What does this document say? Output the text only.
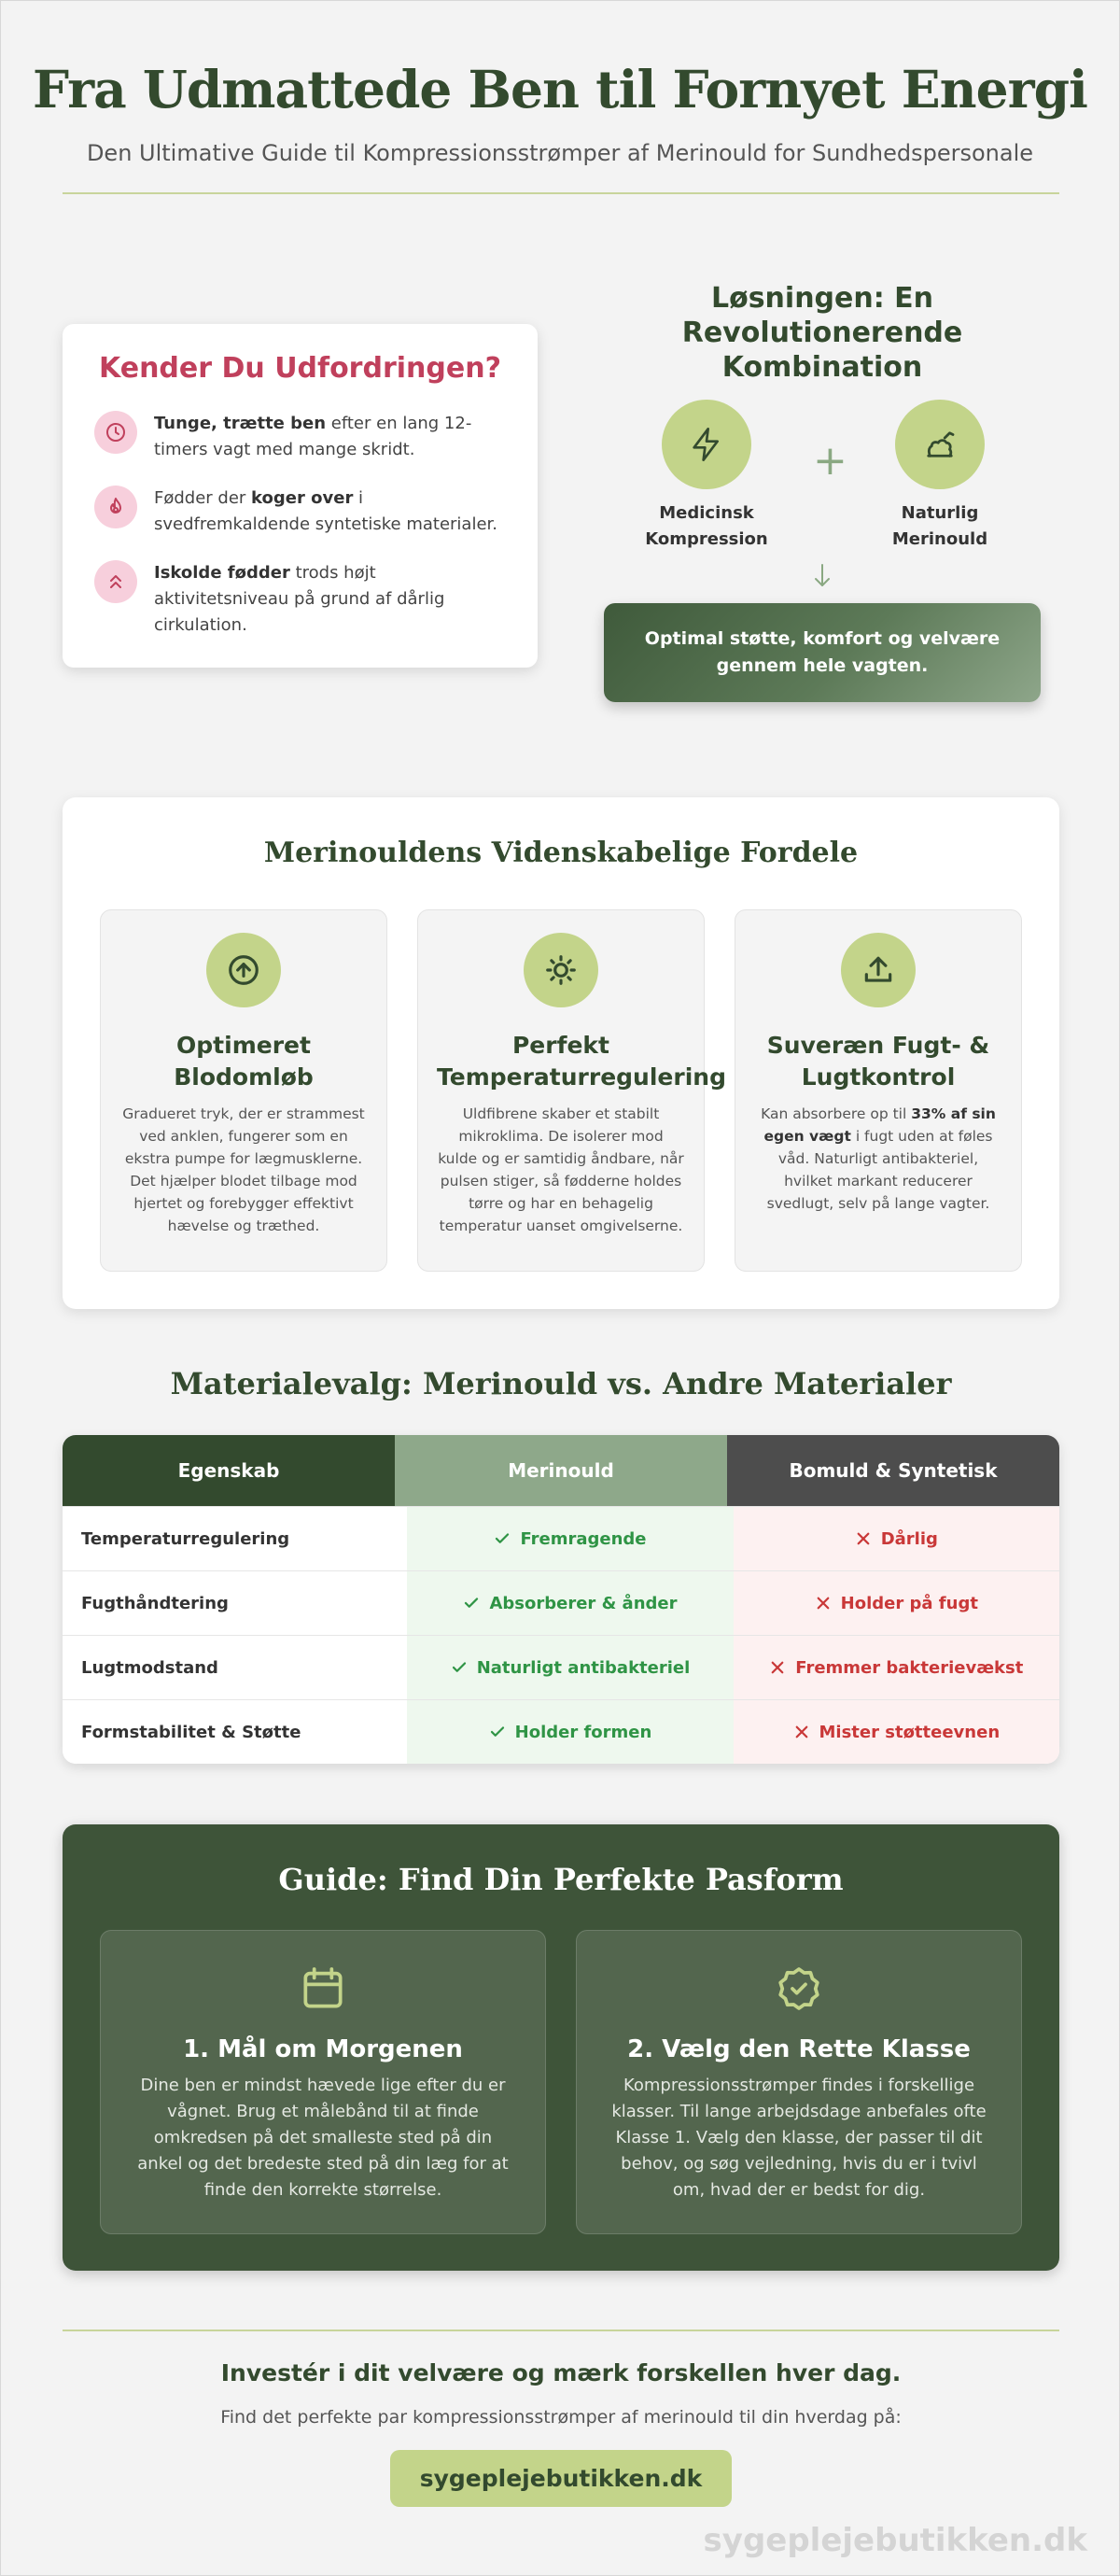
Fra Udmattede Ben til Fornyet Energi

Den Ultimative Guide til Kompressionsstrømper af Merinould for Sundhedspersonale

Kender Du Udfordringen?
Tunge, trætte ben efter en lang 12-timers vagt med mange skridt.
Fødder der koger over i svedfremkaldende syntetiske materialer.
Iskolde fødder trods højt aktivitetsniveau på grund af dårlig cirkulation.
Løsningen: En Revolutionerende Kombination
Medicinsk Kompression
+
Naturlig Merinould
Optimal støtte, komfort og velvære gennem hele vagten.
Merinouldens Videnskabelige Fordele
Optimeret Blodomløb

Gradueret tryk, der er strammest ved anklen, fungerer som en ekstra pumpe for lægmusklerne. Det hjælper blodet tilbage mod hjertet og forebygger effektivt hævelse og træthed.

Perfekt Temperaturregulering

Uldfibrene skaber et stabilt mikroklima. De isolerer mod kulde og er samtidig åndbare, når pulsen stiger, så fødderne holdes tørre og har en behagelig temperatur uanset omgivelserne.

Suveræn Fugt- & Lugtkontrol

Kan absorbere op til 33% af sin egen vægt i fugt uden at føles våd. Naturligt antibakteriel, hvilket markant reducerer svedlugt, selv på lange vagter.

Materialevalg: Merinould vs. Andre Materialer
Egenskab	Merinould	Bomuld & Syntetisk
Temperaturregulering	Fremragende	Dårlig
Fugthåndtering	Absorberer & ånder	Holder på fugt
Lugtmodstand	Naturligt antibakteriel	Fremmer bakterievækst
Formstabilitet & Støtte	Holder formen	Mister støtteevnen
Guide: Find Din Perfekte Pasform
1. Mål om Morgenen

Dine ben er mindst hævede lige efter du er vågnet. Brug et målebånd til at finde omkredsen på det smalleste sted på din ankel og det bredeste sted på din læg for at finde den korrekte størrelse.

2. Vælg den Rette Klasse

Kompressionsstrømper findes i forskellige klasser. Til lange arbejdsdage anbefales ofte Klasse 1. Vælg den klasse, der passer til dit behov, og søg vejledning, hvis du er i tvivl om, hvad der er bedst for dig.

Investér i dit velvære og mærk forskellen hver dag.

Find det perfekte par kompressionsstrømper af merinould til din hverdag på:

sygeplejebutikken.dk
sygeplejebutikken.dk
